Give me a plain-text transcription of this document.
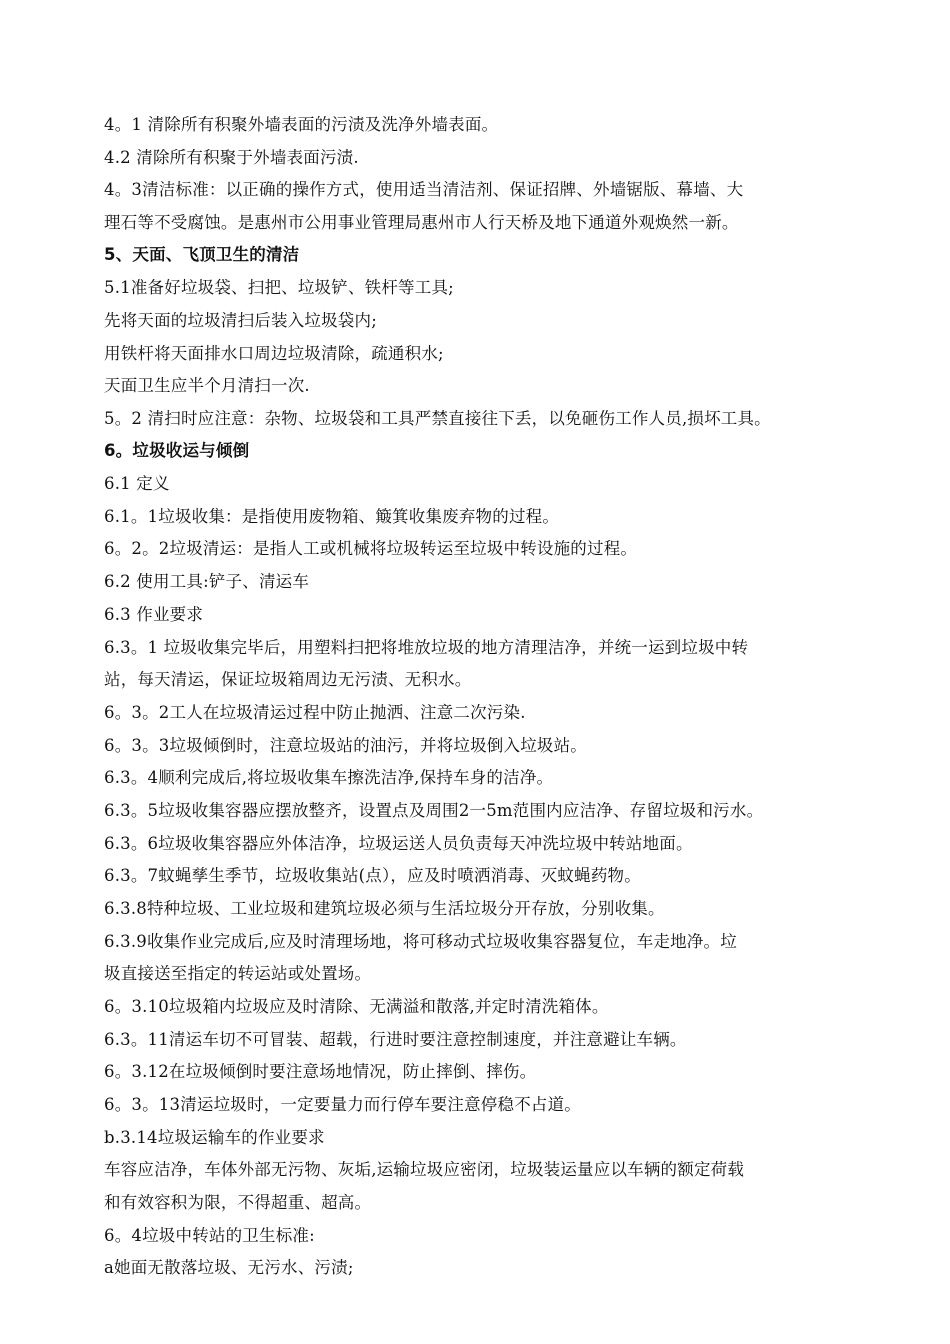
4。1 清除所有积聚外墙表面的污渍及洗净外墙表面。
4.2 清除所有积聚于外墙表面污渍.
4。3清洁标准：以正确的操作方式，使用适当清洁剂、保证招牌、外墙锯版、幕墙、大
理石等不受腐蚀。是惠州市公用事业管理局惠州市人行天桥及地下通道外观焕然一新。
5、天面、飞顶卫生的清洁
5.1准备好垃圾袋、扫把、垃圾铲、铁杆等工具;
先将天面的垃圾清扫后装入垃圾袋内;
用铁杆将天面排水口周边垃圾清除，疏通积水;
天面卫生应半个月清扫一次.
5。2 清扫时应注意：杂物、垃圾袋和工具严禁直接往下丢，以免砸伤工作人员,损坏工具。
6。垃圾收运与倾倒
6.1 定义
6.1。1垃圾收集：是指使用废物箱、簸箕收集废弃物的过程。
6。2。2垃圾清运：是指人工或机械将垃圾转运至垃圾中转设施的过程。
6.2 使用工具:铲子、清运车
6.3 作业要求
6.3。1 垃圾收集完毕后，用塑料扫把将堆放垃圾的地方清理洁净，并统一运到垃圾中转
站，每天清运，保证垃圾箱周边无污渍、无积水。
6。3。2工人在垃圾清运过程中防止抛洒、注意二次污染.
6。3。3垃圾倾倒时，注意垃圾站的油污，并将垃圾倒入垃圾站。
6.3。4顺利完成后,将垃圾收集车擦洗洁净,保持车身的洁净。
6.3。5垃圾收集容器应摆放整齐，设置点及周围2一5m范围内应洁净、存留垃圾和污水。
6.3。6垃圾收集容器应外体洁净，垃圾运送人员负责每天冲洗垃圾中转站地面。
6.3。7蚊蝇孳生季节，垃圾收集站(点），应及时喷洒消毒、灭蚊蝇药物。
6.3.8特种垃圾、工业垃圾和建筑垃圾必须与生活垃圾分开存放，分别收集。
6.3.9收集作业完成后,应及时清理场地，将可移动式垃圾收集容器复位，车走地净。垃
圾直接送至指定的转运站或处置场。
6。3.10垃圾箱内垃圾应及时清除、无满溢和散落,并定时清洗箱体。
6.3。11清运车切不可冒装、超载，行进时要注意控制速度，并注意避让车辆。
6。3.12在垃圾倾倒时要注意场地情况，防止摔倒、摔伤。
6。3。13清运垃圾时，一定要量力而行停车要注意停稳不占道。
b.3.14垃圾运输车的作业要求
车容应洁净，车体外部无污物、灰垢,运输垃圾应密闭，垃圾装运量应以车辆的额定荷载
和有效容积为限，不得超重、超高。
6。4垃圾中转站的卫生标准:
a她面无散落垃圾、无污水、污渍;
